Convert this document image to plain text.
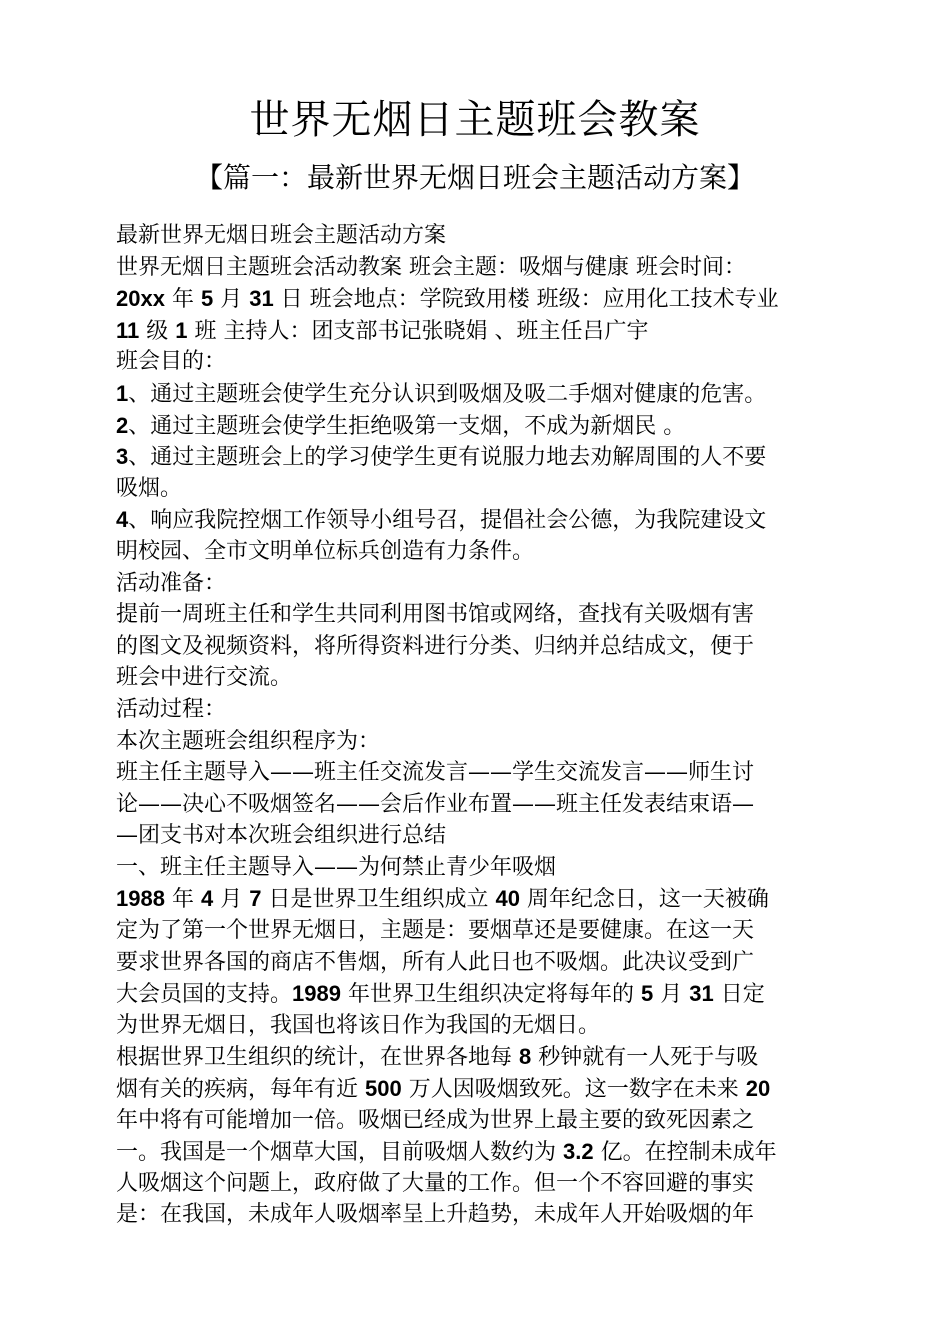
世界无烟日主题班会教案
【篇一：最新世界无烟日班会主题活动方案】
最新世界无烟日班会主题活动方案
世界无烟日主题班会活动教案 班会主题：吸烟与健康 班会时间：
20xx 年 5 月 31 日 班会地点：学院致用楼 班级：应用化工技术专业
11 级 1 班 主持人：团支部书记张晓娟 、班主任吕广宇
班会目的：
1、通过主题班会使学生充分认识到吸烟及吸二手烟对健康的危害。
2、通过主题班会使学生拒绝吸第一支烟，不成为新烟民 。
3、通过主题班会上的学习使学生更有说服力地去劝解周围的人不要
吸烟。
4、响应我院控烟工作领导小组号召，提倡社会公德，为我院建设文
明校园、全市文明单位标兵创造有力条件。
活动准备：
提前一周班主任和学生共同利用图书馆或网络，查找有关吸烟有害
的图文及视频资料，将所得资料进行分类、归纳并总结成文，便于
班会中进行交流。
活动过程：
本次主题班会组织程序为：
班主任主题导入——班主任交流发言——学生交流发言——师生讨
论——决心不吸烟签名——会后作业布置——班主任发表结束语—
—团支书对本次班会组织进行总结
一、班主任主题导入——为何禁止青少年吸烟
1988 年 4 月 7 日是世界卫生组织成立 40 周年纪念日，这一天被确
定为了第一个世界无烟日，主题是：要烟草还是要健康。在这一天
要求世界各国的商店不售烟，所有人此日也不吸烟。此决议受到广
大会员国的支持。1989 年世界卫生组织决定将每年的 5 月 31 日定
为世界无烟日，我国也将该日作为我国的无烟日。
根据世界卫生组织的统计，在世界各地每 8 秒钟就有一人死于与吸
烟有关的疾病，每年有近 500 万人因吸烟致死。这一数字在未来 20
年中将有可能增加一倍。吸烟已经成为世界上最主要的致死因素之
一。我国是一个烟草大国，目前吸烟人数约为 3.2 亿。在控制未成年
人吸烟这个问题上，政府做了大量的工作。但一个不容回避的事实
是：在我国，未成年人吸烟率呈上升趋势，未成年人开始吸烟的年
